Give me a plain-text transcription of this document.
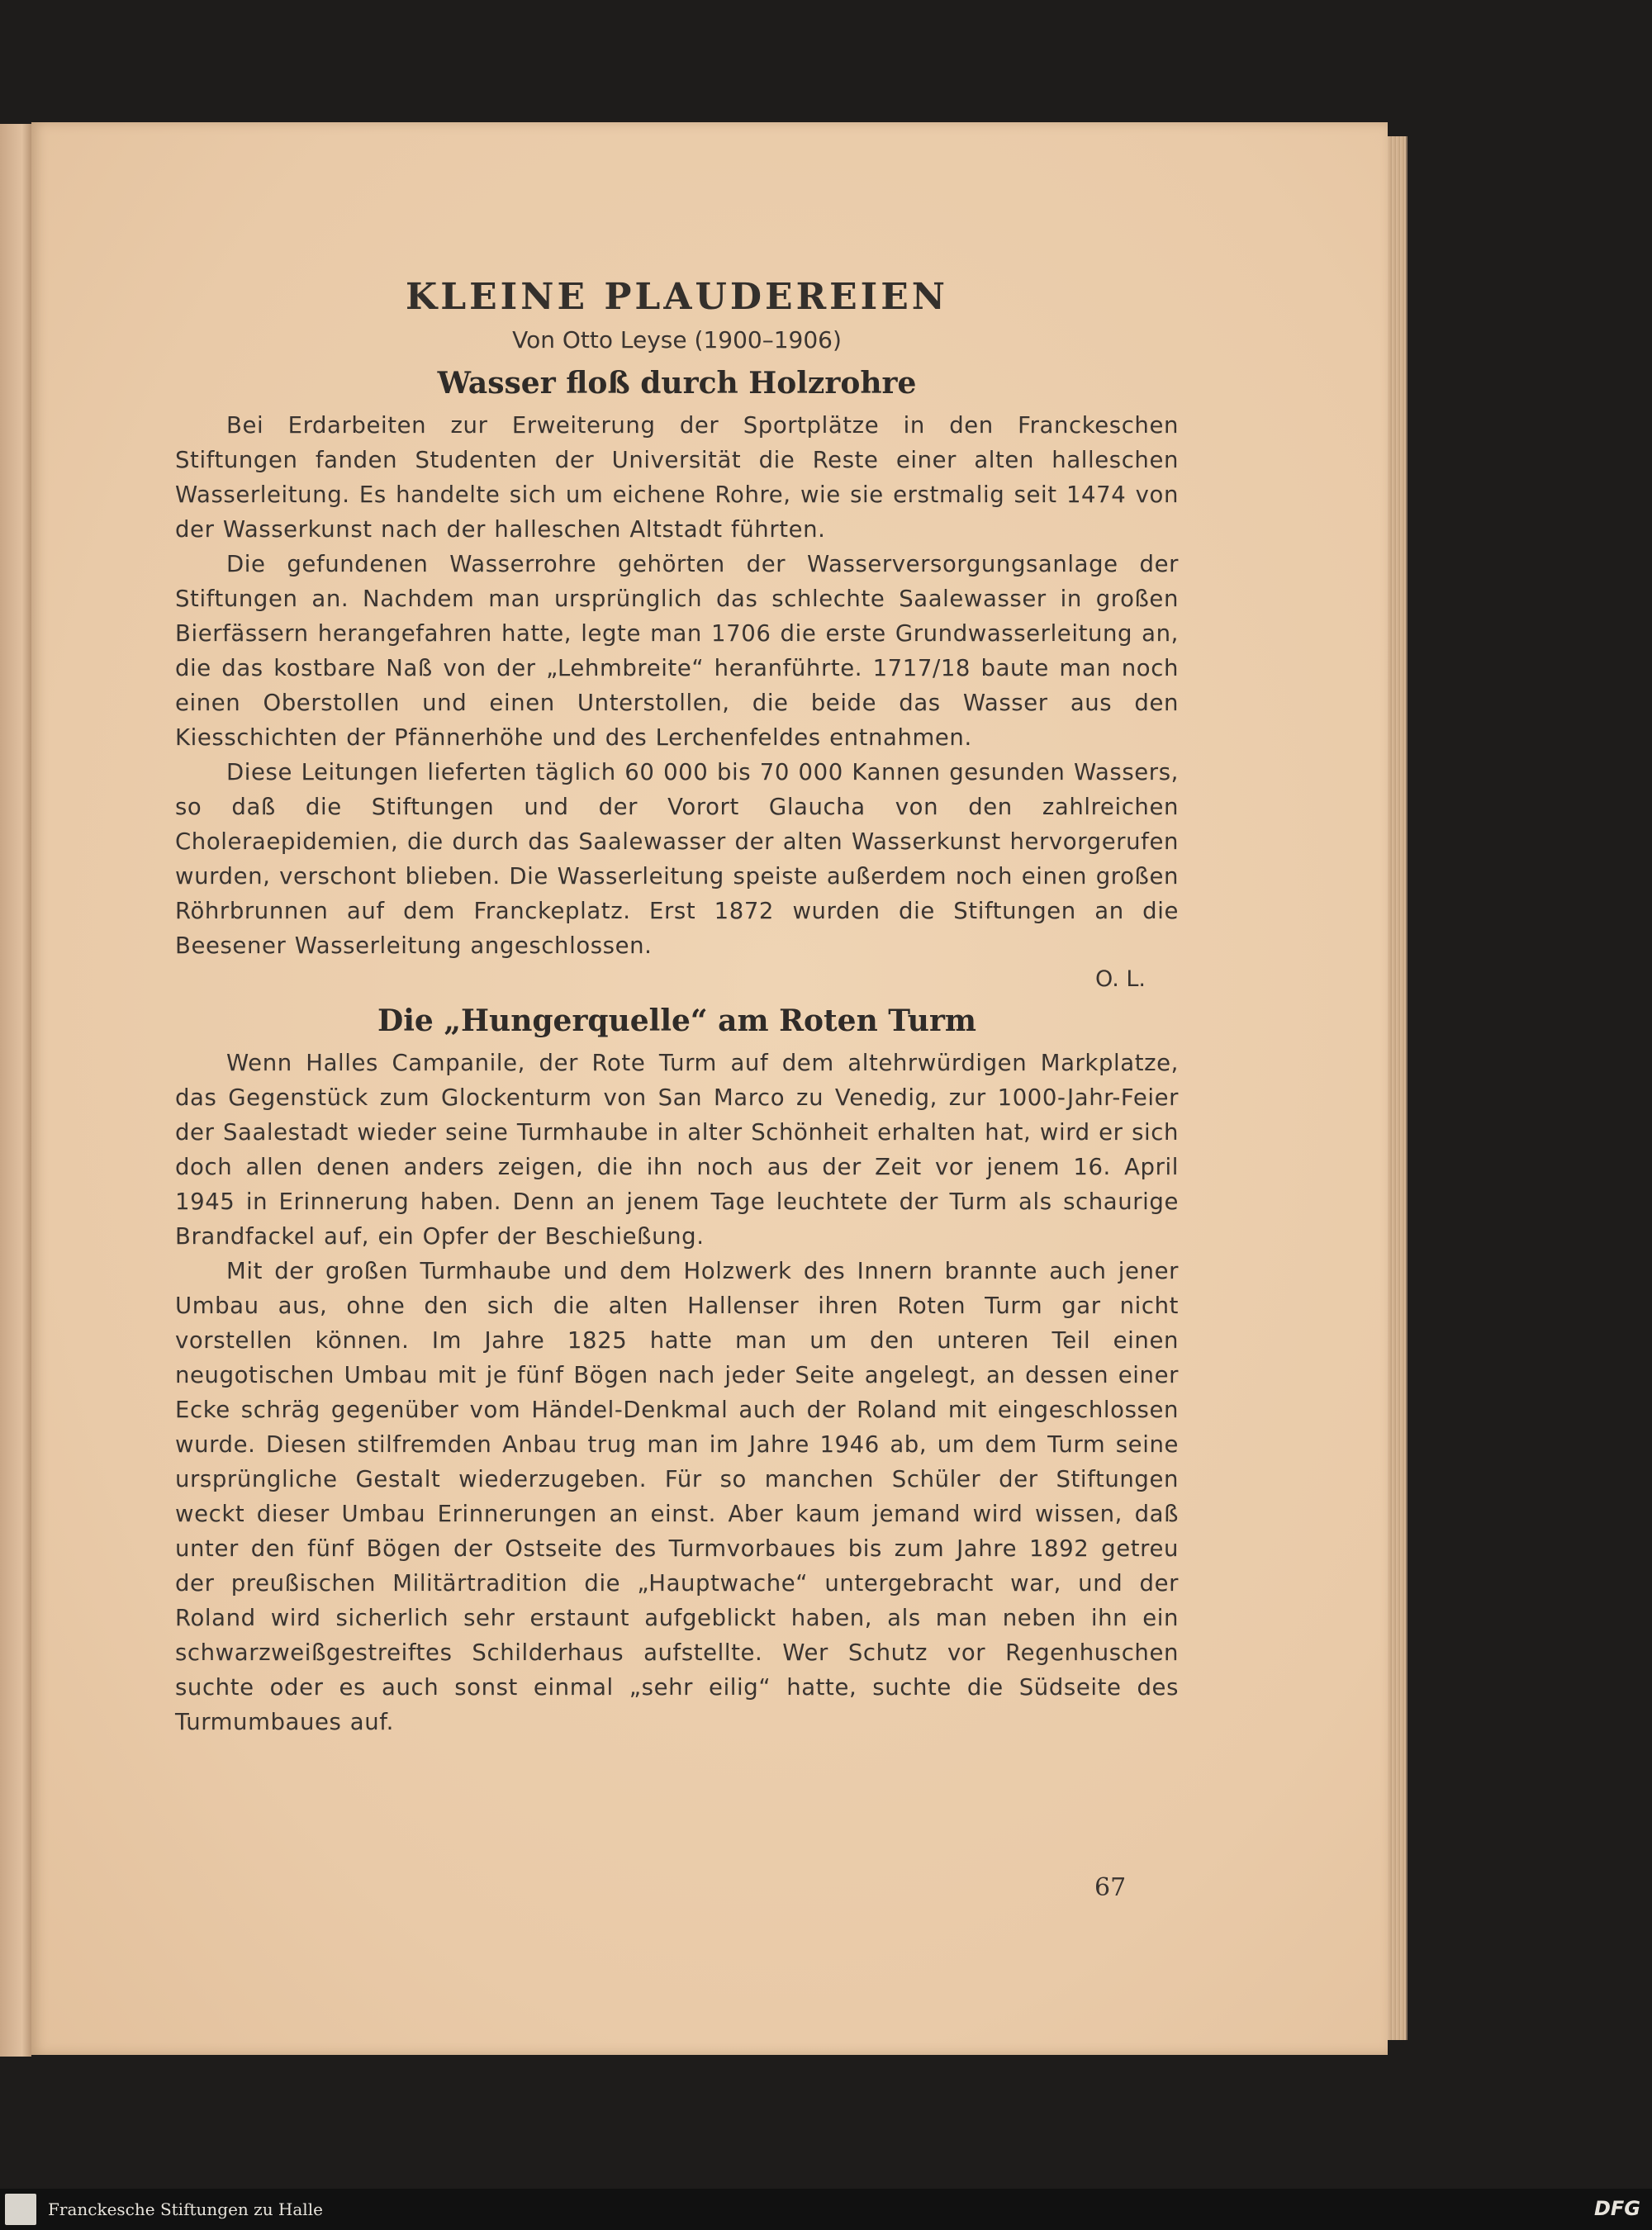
KLEINE PLAUDEREIEN

Von Otto Leyse (1900–1906)

Wasser floß durch Holzrohre

Bei Erdarbeiten zur Erweiterung der Sportplätze in den Franckeschen Stiftungen fanden Studenten der Universität die Reste einer alten halleschen Wasserleitung. Es handelte sich um eichene Rohre, wie sie erstmalig seit 1474 von der Wasserkunst nach der halleschen Altstadt führten.

Die gefundenen Wasserrohre gehörten der Wasserversorgungsanlage der Stiftungen an. Nachdem man ursprünglich das schlechte Saalewasser in großen Bierfässern herangefahren hatte, legte man 1706 die erste Grundwasserleitung an, die das kostbare Naß von der „Lehmbreite“ heranführte. 1717/18 baute man noch einen Oberstollen und einen Unterstollen, die beide das Wasser aus den Kiesschichten der Pfännerhöhe und des Lerchenfeldes entnahmen.

Diese Leitungen lieferten täglich 60 000 bis 70 000 Kannen gesunden Wassers, so daß die Stiftungen und der Vorort Glaucha von den zahlreichen Choleraepidemien, die durch das Saalewasser der alten Wasserkunst hervorgerufen wurden, verschont blieben. Die Wasserleitung speiste außerdem noch einen großen Röhrbrunnen auf dem Franckeplatz. Erst 1872 wurden die Stiftungen an die Beesener Wasserleitung angeschlossen.

O. L.

Die „Hungerquelle“ am Roten Turm

Wenn Halles Campanile, der Rote Turm auf dem altehrwürdigen Markplatze, das Gegenstück zum Glockenturm von San Marco zu Venedig, zur 1000-Jahr-Feier der Saalestadt wieder seine Turmhaube in alter Schönheit erhalten hat, wird er sich doch allen denen anders zeigen, die ihn noch aus der Zeit vor jenem 16. April 1945 in Erinnerung haben. Denn an jenem Tage leuchtete der Turm als schaurige Brandfackel auf, ein Opfer der Beschießung.

Mit der großen Turmhaube und dem Holzwerk des Innern brannte auch jener Umbau aus, ohne den sich die alten Hallenser ihren Roten Turm gar nicht vorstellen können. Im Jahre 1825 hatte man um den unteren Teil einen neugotischen Umbau mit je fünf Bögen nach jeder Seite angelegt, an dessen einer Ecke schräg gegenüber vom Händel-Denkmal auch der Roland mit eingeschlossen wurde. Diesen stilfremden Anbau trug man im Jahre 1946 ab, um dem Turm seine ursprüngliche Gestalt wiederzugeben. Für so manchen Schüler der Stiftungen weckt dieser Umbau Erinnerungen an einst. Aber kaum jemand wird wissen, daß unter den fünf Bögen der Ostseite des Turmvorbaues bis zum Jahre 1892 getreu der preußischen Militärtradition die „Hauptwache“ untergebracht war, und der Roland wird sicherlich sehr erstaunt aufgeblickt haben, als man neben ihn ein schwarzweißgestreiftes Schilderhaus aufstellte. Wer Schutz vor Regenhuschen suchte oder es auch sonst einmal „sehr eilig“ hatte, suchte die Südseite des Turmumbaues auf.

67
Franckesche Stiftungen zu Halle	DFG
